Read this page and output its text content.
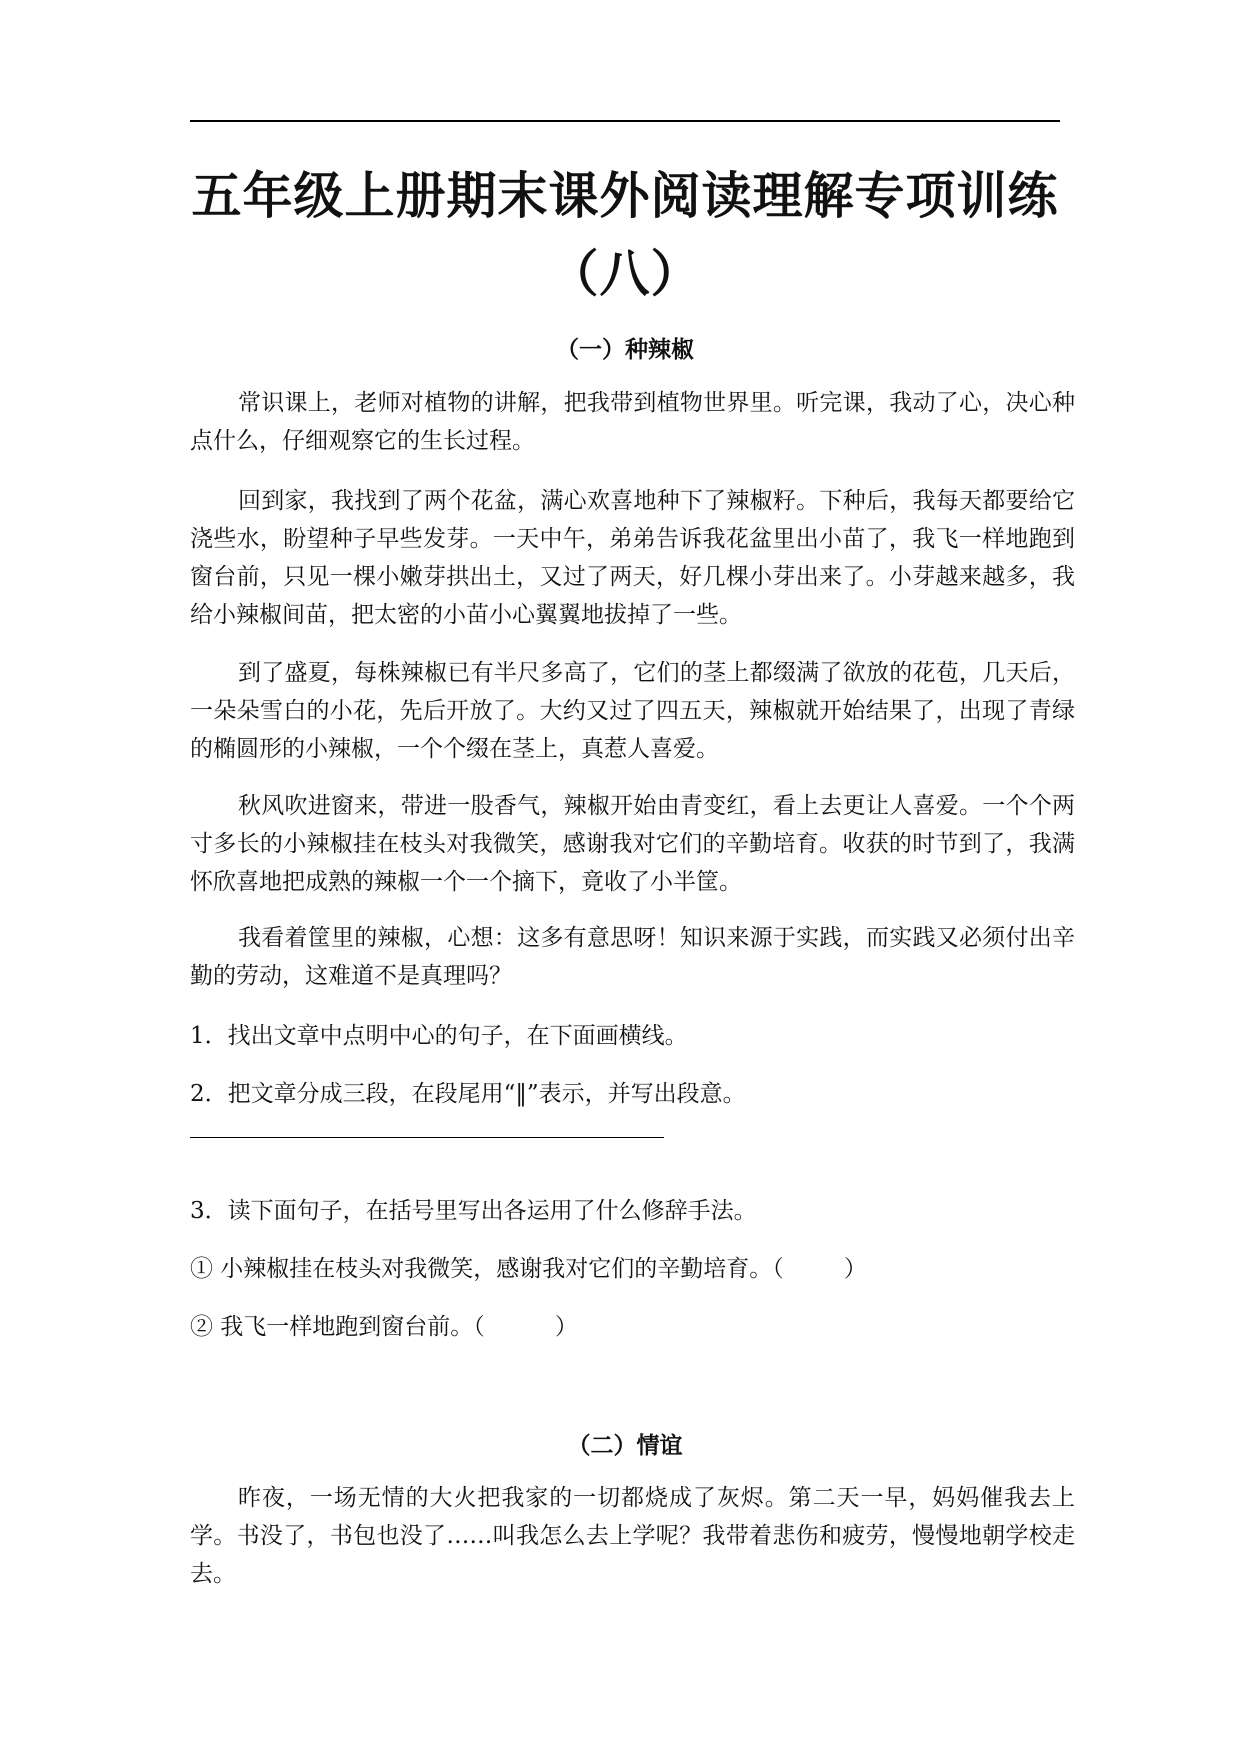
五年级上册期末课外阅读理解专项训练
（八）
（一）种辣椒

常识课上，老师对植物的讲解，把我带到植物世界里。听完课，我动了心，决心种点什么，仔细观察它的生长过程。

回到家，我找到了两个花盆，满心欢喜地种下了辣椒籽。下种后，我每天都要给它浇些水，盼望种子早些发芽。一天中午，弟弟告诉我花盆里出小苗了，我飞一样地跑到窗台前，只见一棵小嫩芽拱出土，又过了两天，好几棵小芽出来了。小芽越来越多，我给小辣椒间苗，把太密的小苗小心翼翼地拔掉了一些。

到了盛夏，每株辣椒已有半尺多高了，它们的茎上都缀满了欲放的花苞，几天后，一朵朵雪白的小花，先后开放了。大约又过了四五天，辣椒就开始结果了，出现了青绿的椭圆形的小辣椒，一个个缀在茎上，真惹人喜爱。

秋风吹进窗来，带进一股香气，辣椒开始由青变红，看上去更让人喜爱。一个个两寸多长的小辣椒挂在枝头对我微笑，感谢我对它们的辛勤培育。收获的时节到了，我满怀欣喜地把成熟的辣椒一个一个摘下，竟收了小半筐。

我看着筐里的辣椒，心想：这多有意思呀！知识来源于实践，而实践又必须付出辛勤的劳动，这难道不是真理吗？

1．找出文章中点明中心的句子，在下面画横线。

2．把文章分成三段，在段尾用“‖”表示，并写出段意。

3．读下面句子，在括号里写出各运用了什么修辞手法。

① 小辣椒挂在枝头对我微笑，感谢我对它们的辛勤培育。（	）

② 我飞一样地跑到窗台前。（	）

（二）情谊

昨夜，一场无情的大火把我家的一切都烧成了灰烬。第二天一早，妈妈催我去上学。书没了，书包也没了……叫我怎么去上学呢？我带着悲伤和疲劳，慢慢地朝学校走去。
